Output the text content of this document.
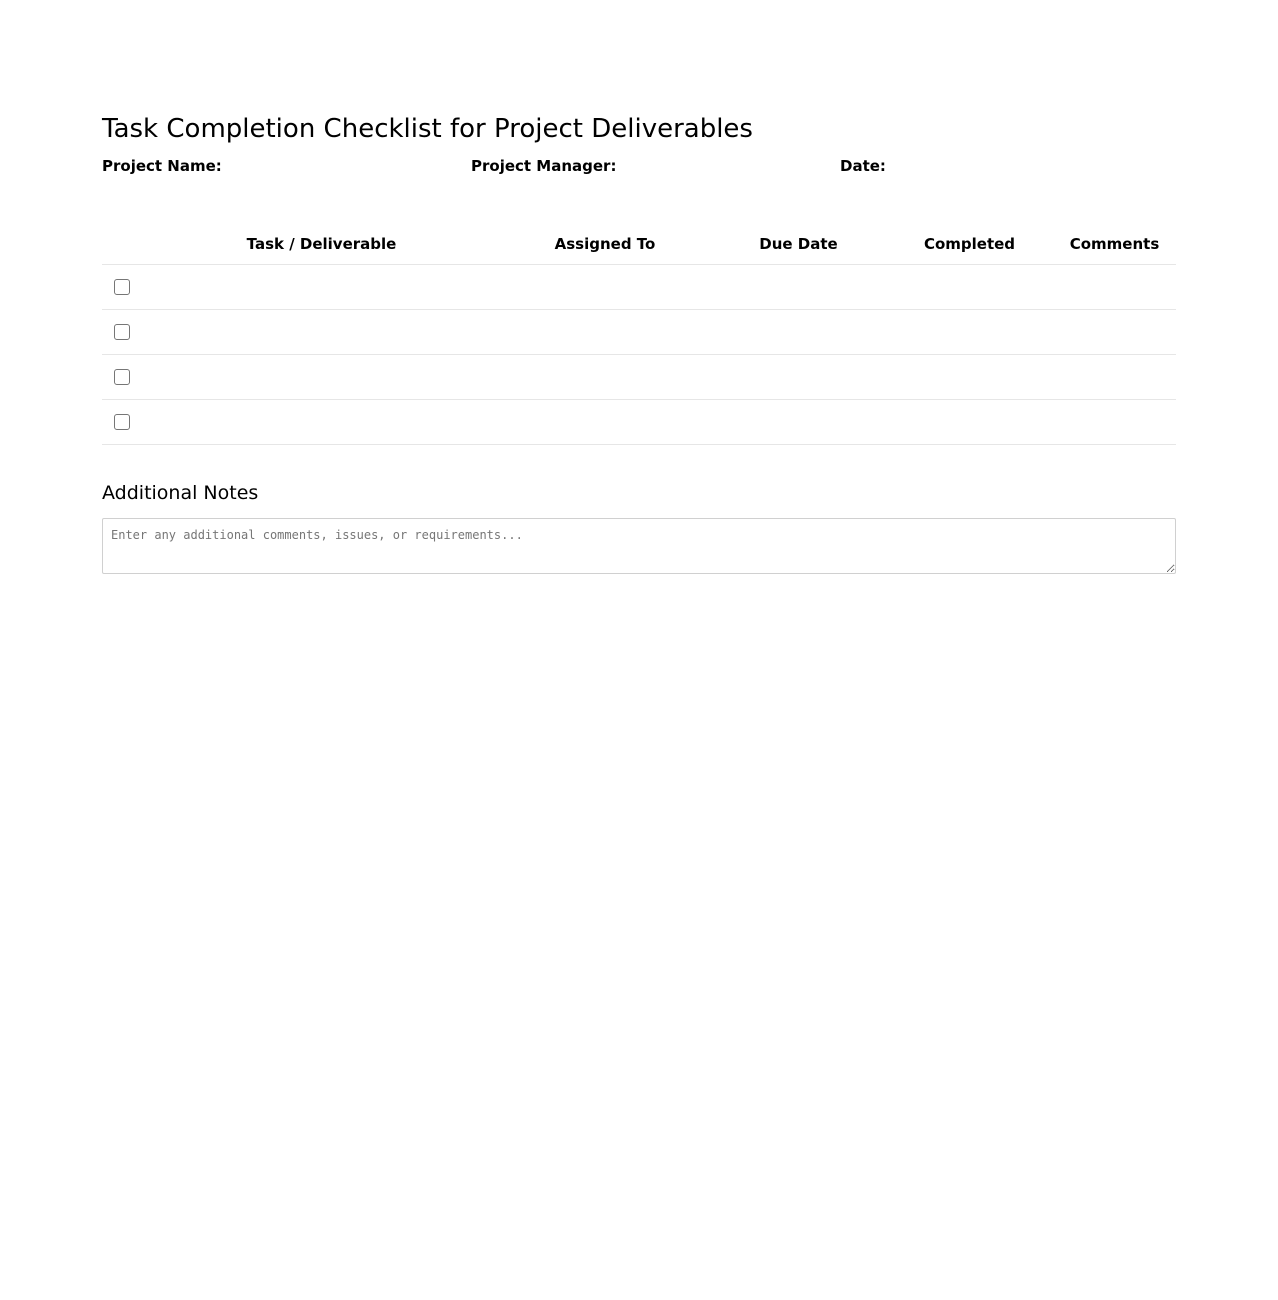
Task Completion Checklist for Project Deliverables
Project Name:	Project Manager:	Date:
	Task / Deliverable	Assigned To	Due Date	Completed	Comments

Additional Notes
Enter any additional comments, issues, or requirements...
